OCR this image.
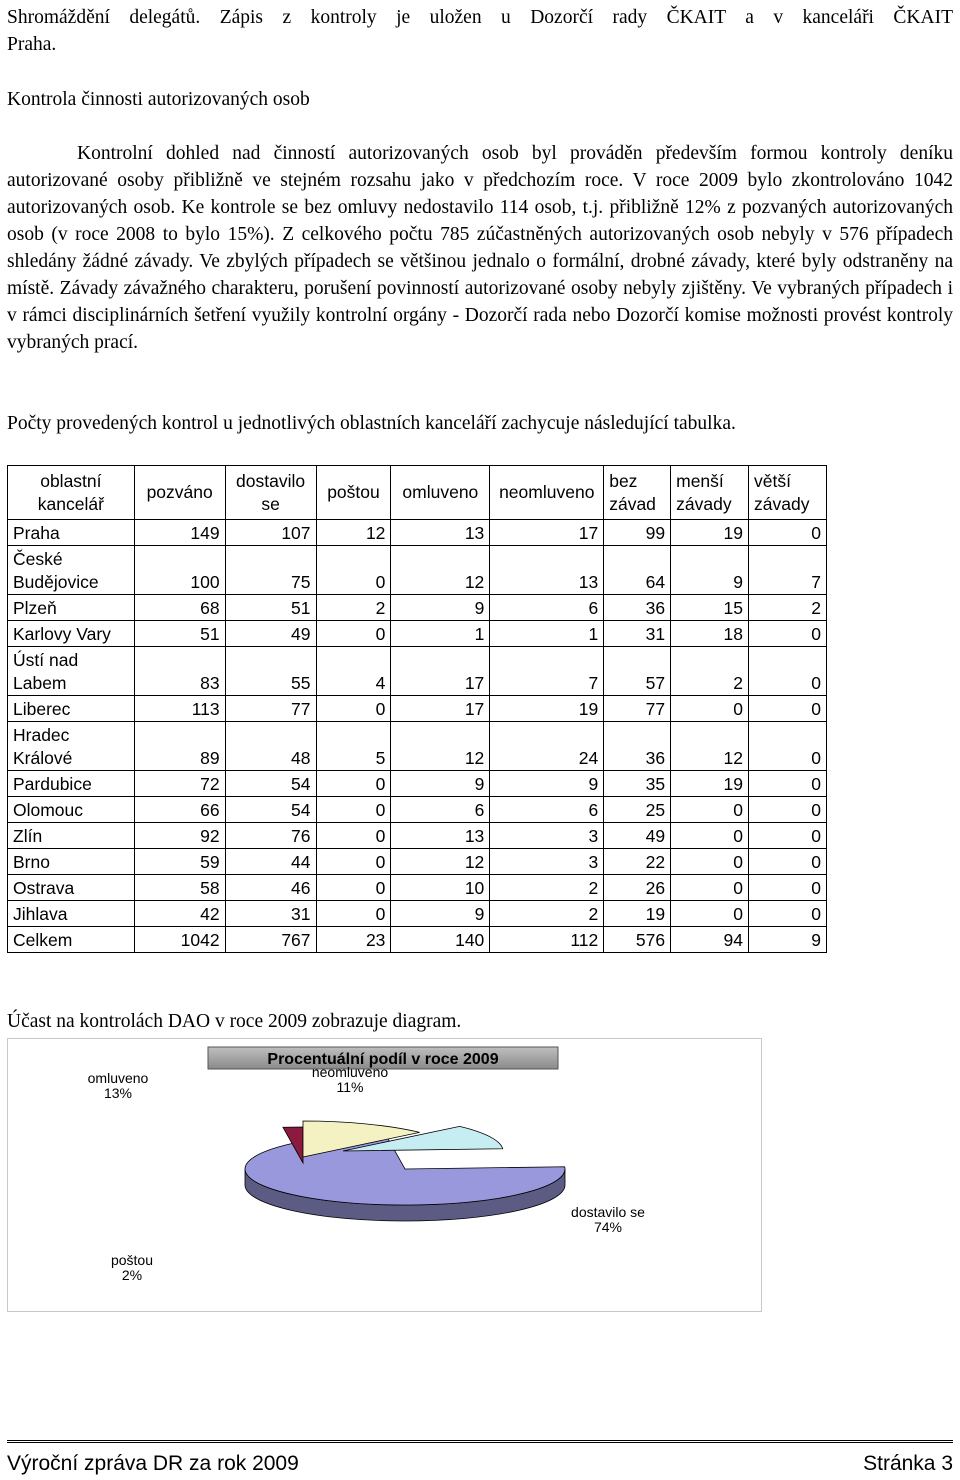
Shromáždění delegátů. Zápis z kontroly je uložen u Dozorčí rady ČKAIT a v kanceláři ČKAIT
Praha.
Kontrola činnosti autorizovaných osob
Kontrolní dohled nad činností autorizovaných osob byl prováděn především formou kontroly deníku autorizované osoby přibližně ve stejném rozsahu jako v předchozím roce. V roce 2009 bylo zkontrolováno 1042 autorizovaných osob. Ke kontrole se bez omluvy nedostavilo 114 osob, t.j. přibližně 12% z pozvaných autorizovaných osob (v roce 2008 to bylo 15%). Z celkového počtu 785 zúčastněných autorizovaných osob nebyly v 576 případech shledány žádné závady. Ve zbylých případech se většinou jednalo o formální, drobné závady, které byly odstraněny na místě. Závady závažného charakteru, porušení povinností autorizované osoby nebyly zjištěny. Ve vybraných případech i v rámci disciplinárních šetření využily kontrolní orgány - Dozorčí rada nebo Dozorčí komise možnosti provést kontroly vybraných prací.
Počty provedených kontrol u jednotlivých oblastních kanceláří zachycuje následující tabulka.
oblastní kancelář	pozváno	dostavilo se	poštou	omluveno	neomluveno	bez závad	menší závady	větší závady
Praha	149	107	12	13	17	99	19	0
České Budějovice	100	75	0	12	13	64	9	7
Plzeň	68	51	2	9	6	36	15	2
Karlovy Vary	51	49	0	1	1	31	18	0
Ústí nad Labem	83	55	4	17	7	57	2	0
Liberec	113	77	0	17	19	77	0	0
Hradec Králové	89	48	5	12	24	36	12	0
Pardubice	72	54	0	9	9	35	19	0
Olomouc	66	54	0	6	6	25	0	0
Zlín	92	76	0	13	3	49	0	0
Brno	59	44	0	12	3	22	0	0
Ostrava	58	46	0	10	2	26	0	0
Jihlava	42	31	0	9	2	19	0	0
Celkem	1042	767	23	140	112	576	94	9
Účast na kontrolách DAO v roce 2009 zobrazuje diagram.
Procentuální podíl v roce 2009
dostavilo se
74%
poštou
2%
omluveno
13%
neomluveno
11%
Výroční zpráva DR za rok 2009	Stránka 3
